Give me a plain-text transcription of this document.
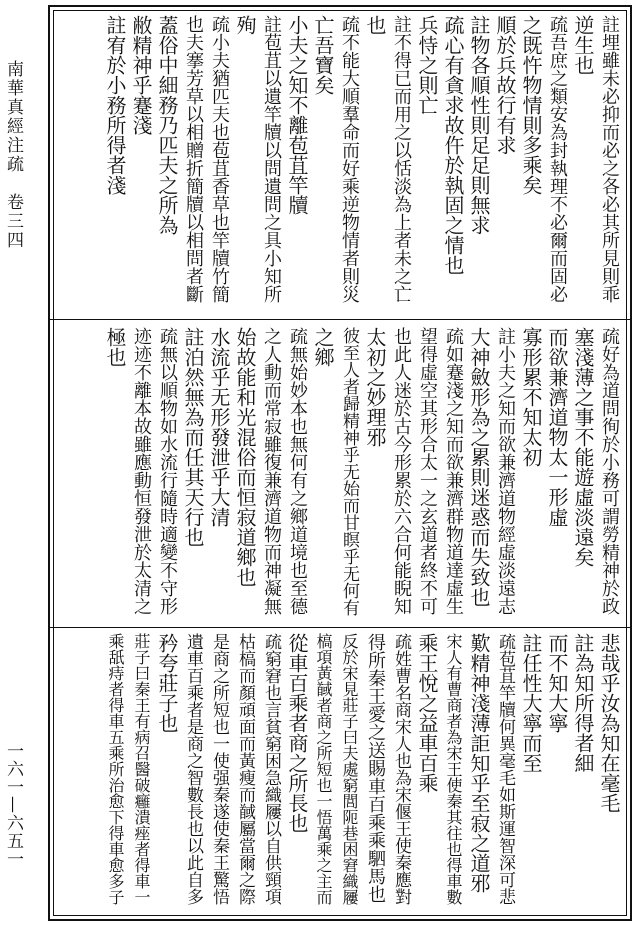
南華真經注疏　卷三四
一六一—六五一
註埋雖未必抑而必之各必其所見則乖
逆生也
疏吾庶之類安為封執理不必爾而固必
之既忤物情則多乘矣
順於兵故行有求
註物各順性則足足則無求
疏心有貪求故仵於執固之情也
兵恃之則亡
註不得已而用之以恬淡為上者未之亡
也
疏不能大順羣命而好乘逆物情者則災
亡吾寶矣
小夫之知不離苞苴竿牘
註苞苴以遺竿牘以問遺問之具小知所
殉
疏小夫猶匹夫也苞苴香草也竿牘竹簡
也夫搴芳草以相贈折簡牘以相問者斷
蓋俗中細務乃匹夫之所為
敝精神乎蹇淺
註宥於小務所得者淺
疏好為道問徇於小務可謂勞精神於政
塞淺薄之事不能遊虛淡遠矣
而欲兼濟道物太一形虛
寡形累不知太初
註小夫之知而欲兼濟道物經虛淡遠志
大神斂形為之累則迷惑而失致也
疏如蹇淺之知而欲兼濟群物道達虛生
望得虛空其形合太一之玄道者終不可
也此人迷於古今形累於六合何能睨知
太初之妙理邪
彼至人者歸精神乎无始而甘瞑乎无何有
之鄉
疏無始妙本也無何有之鄉道境也至德
之人動而常寂雖復兼濟道物而神凝無
始故能和光混俗而恒寂道鄉也
水流乎无形發泄乎大清
註泊然無為而任其天行也
疏無以順物如水流行隨時適變不守形
迹迹不離本故雖應動恒發泄於太清之
極也
悲哉乎汝為知在毫毛
註為知所得者細
而不知大寧
註任性大寧而至
疏苞苴竿牘何異毫毛如斯運智深可悲
歎精神淺薄詎知乎至寂之道邪
宋人有曹商者為宋王使秦其往也得車數
乘王悅之益車百乘
疏姓曹名商宋人也為宋偃王使秦應對
得所秦王愛之送賜車百乘乘駟馬也
反於宋見莊子曰夫處窮閭阨巷困窘織屨
槁項黃馘者商之所短也一悟萬乘之主而
從車百乘者商之所長也
疏窮窘也言貧窮困急織屨以自供頸項
枯槁而顏頑面而黃瘦而馘屬當爾之際
是商之所短也一使强秦遂使秦王驚悟
遺車百乘者是商之智數長也以此自多
矜夸莊子也
莊子曰秦王有病召醫破癰潰痤者得車一
乘舐痔者得車五乘所治愈下得車愈多子
